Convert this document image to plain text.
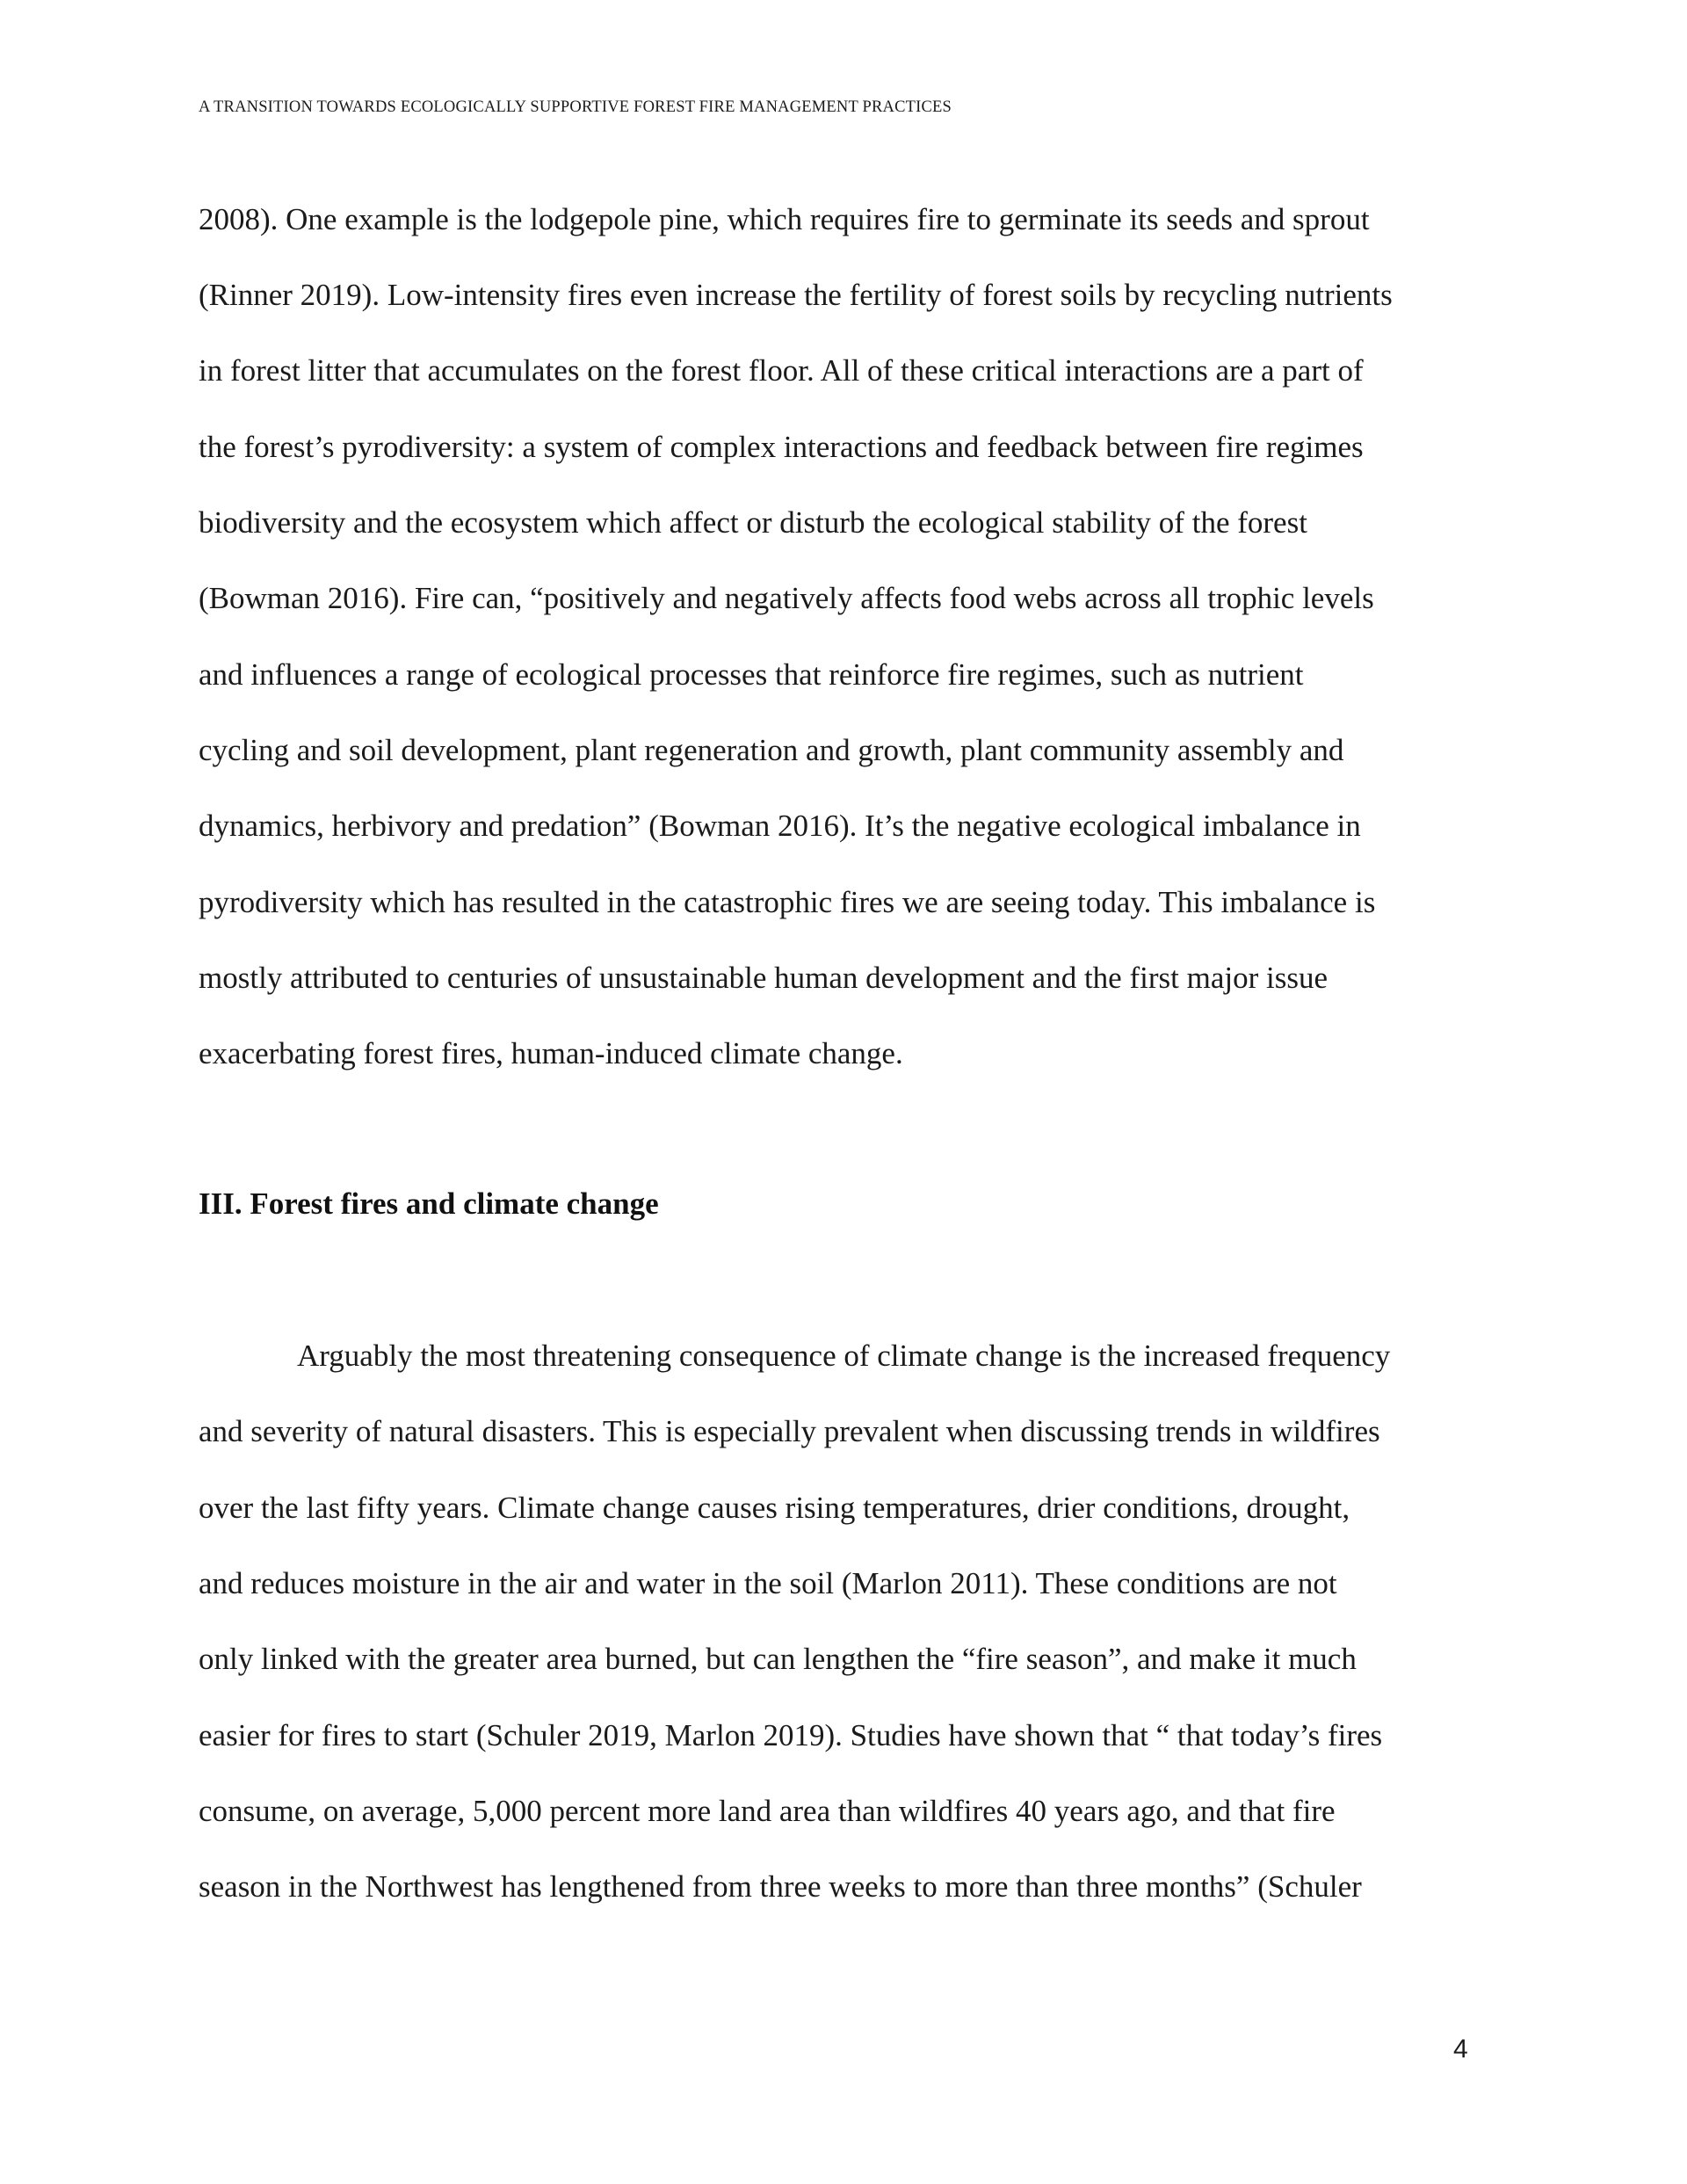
A TRANSITION TOWARDS ECOLOGICALLY SUPPORTIVE FOREST FIRE MANAGEMENT PRACTICES
2008). One example is the lodgepole pine, which requires fire to germinate its seeds and sprout
(Rinner 2019). Low-intensity fires even increase the fertility of forest soils by recycling nutrients
in forest litter that accumulates on the forest floor. All of these critical interactions are a part of
the forest’s pyrodiversity: a system of complex interactions and feedback between fire regimes
biodiversity and the ecosystem which affect or disturb the ecological stability of the forest
(Bowman 2016). Fire can, “positively and negatively affects food webs across all trophic levels
and influences a range of ecological processes that reinforce fire regimes, such as nutrient
cycling and soil development, plant regeneration and growth, plant community assembly and
dynamics, herbivory and predation” (Bowman 2016). It’s the negative ecological imbalance in
pyrodiversity which has resulted in the catastrophic fires we are seeing today. This imbalance is
mostly attributed to centuries of unsustainable human development and the first major issue
exacerbating forest fires, human-induced climate change.
III. Forest fires and climate change
Arguably the most threatening consequence of climate change is the increased frequency
and severity of natural disasters. This is especially prevalent when discussing trends in wildfires
over the last fifty years. Climate change causes rising temperatures, drier conditions, drought,
and reduces moisture in the air and water in the soil (Marlon 2011). These conditions are not
only linked with the greater area burned, but can lengthen the “fire season”, and make it much
easier for fires to start (Schuler 2019, Marlon 2019). Studies have shown that “ that today’s fires
consume, on average, 5,000 percent more land area than wildfires 40 years ago, and that fire
season in the Northwest has lengthened from three weeks to more than three months” (Schuler
4
